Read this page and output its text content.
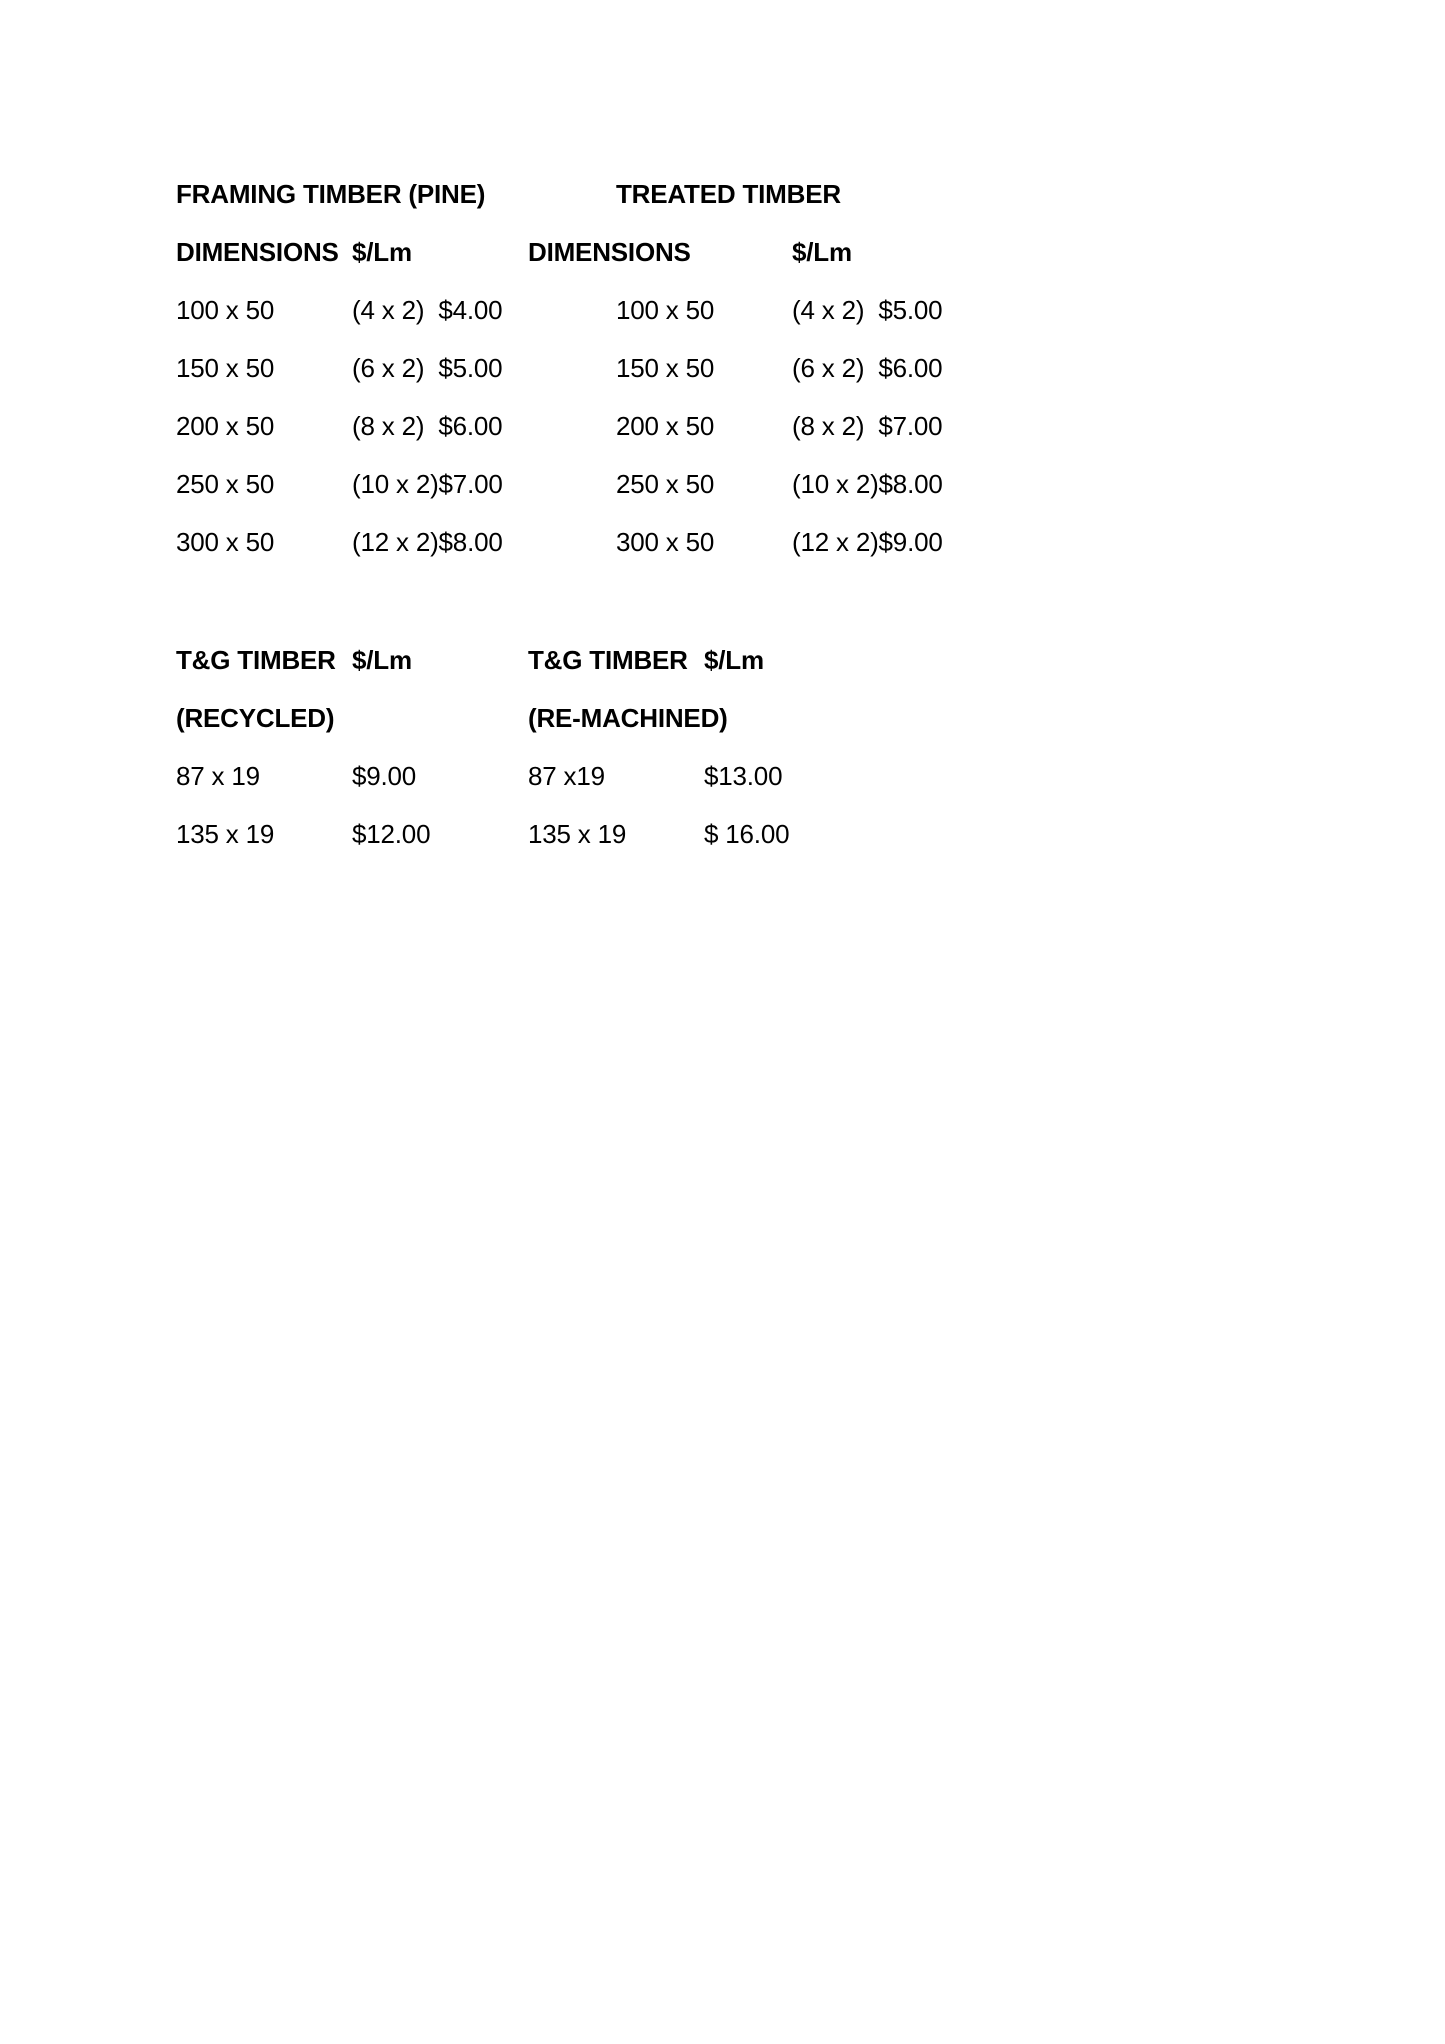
FRAMING TIMBER (PINE)
DIMENSIONS $/Lm
100 x 50	(4 x 2)  $4.00
150 x 50	(6 x 2)  $5.00
200 x 50	(8 x 2)  $6.00
250 x 50	(10 x 2)$7.00
300 x 50	(12 x 2)$8.00
TREATED TIMBER
DIMENSIONS	$/Lm
100 x 50	(4 x 2)  $5.00
150 x 50	(6 x 2)  $6.00
200 x 50	(8 x 2)  $7.00
250 x 50	(10 x 2)$8.00
300 x 50	(12 x 2)$9.00
T&G TIMBER $/Lm
(RECYCLED)
87 x 19	$9.00
135 x 19	$12.00
T&G TIMBER $/Lm
(RE-MACHINED)
87 x19	$13.00
135 x 19	$ 16.00
